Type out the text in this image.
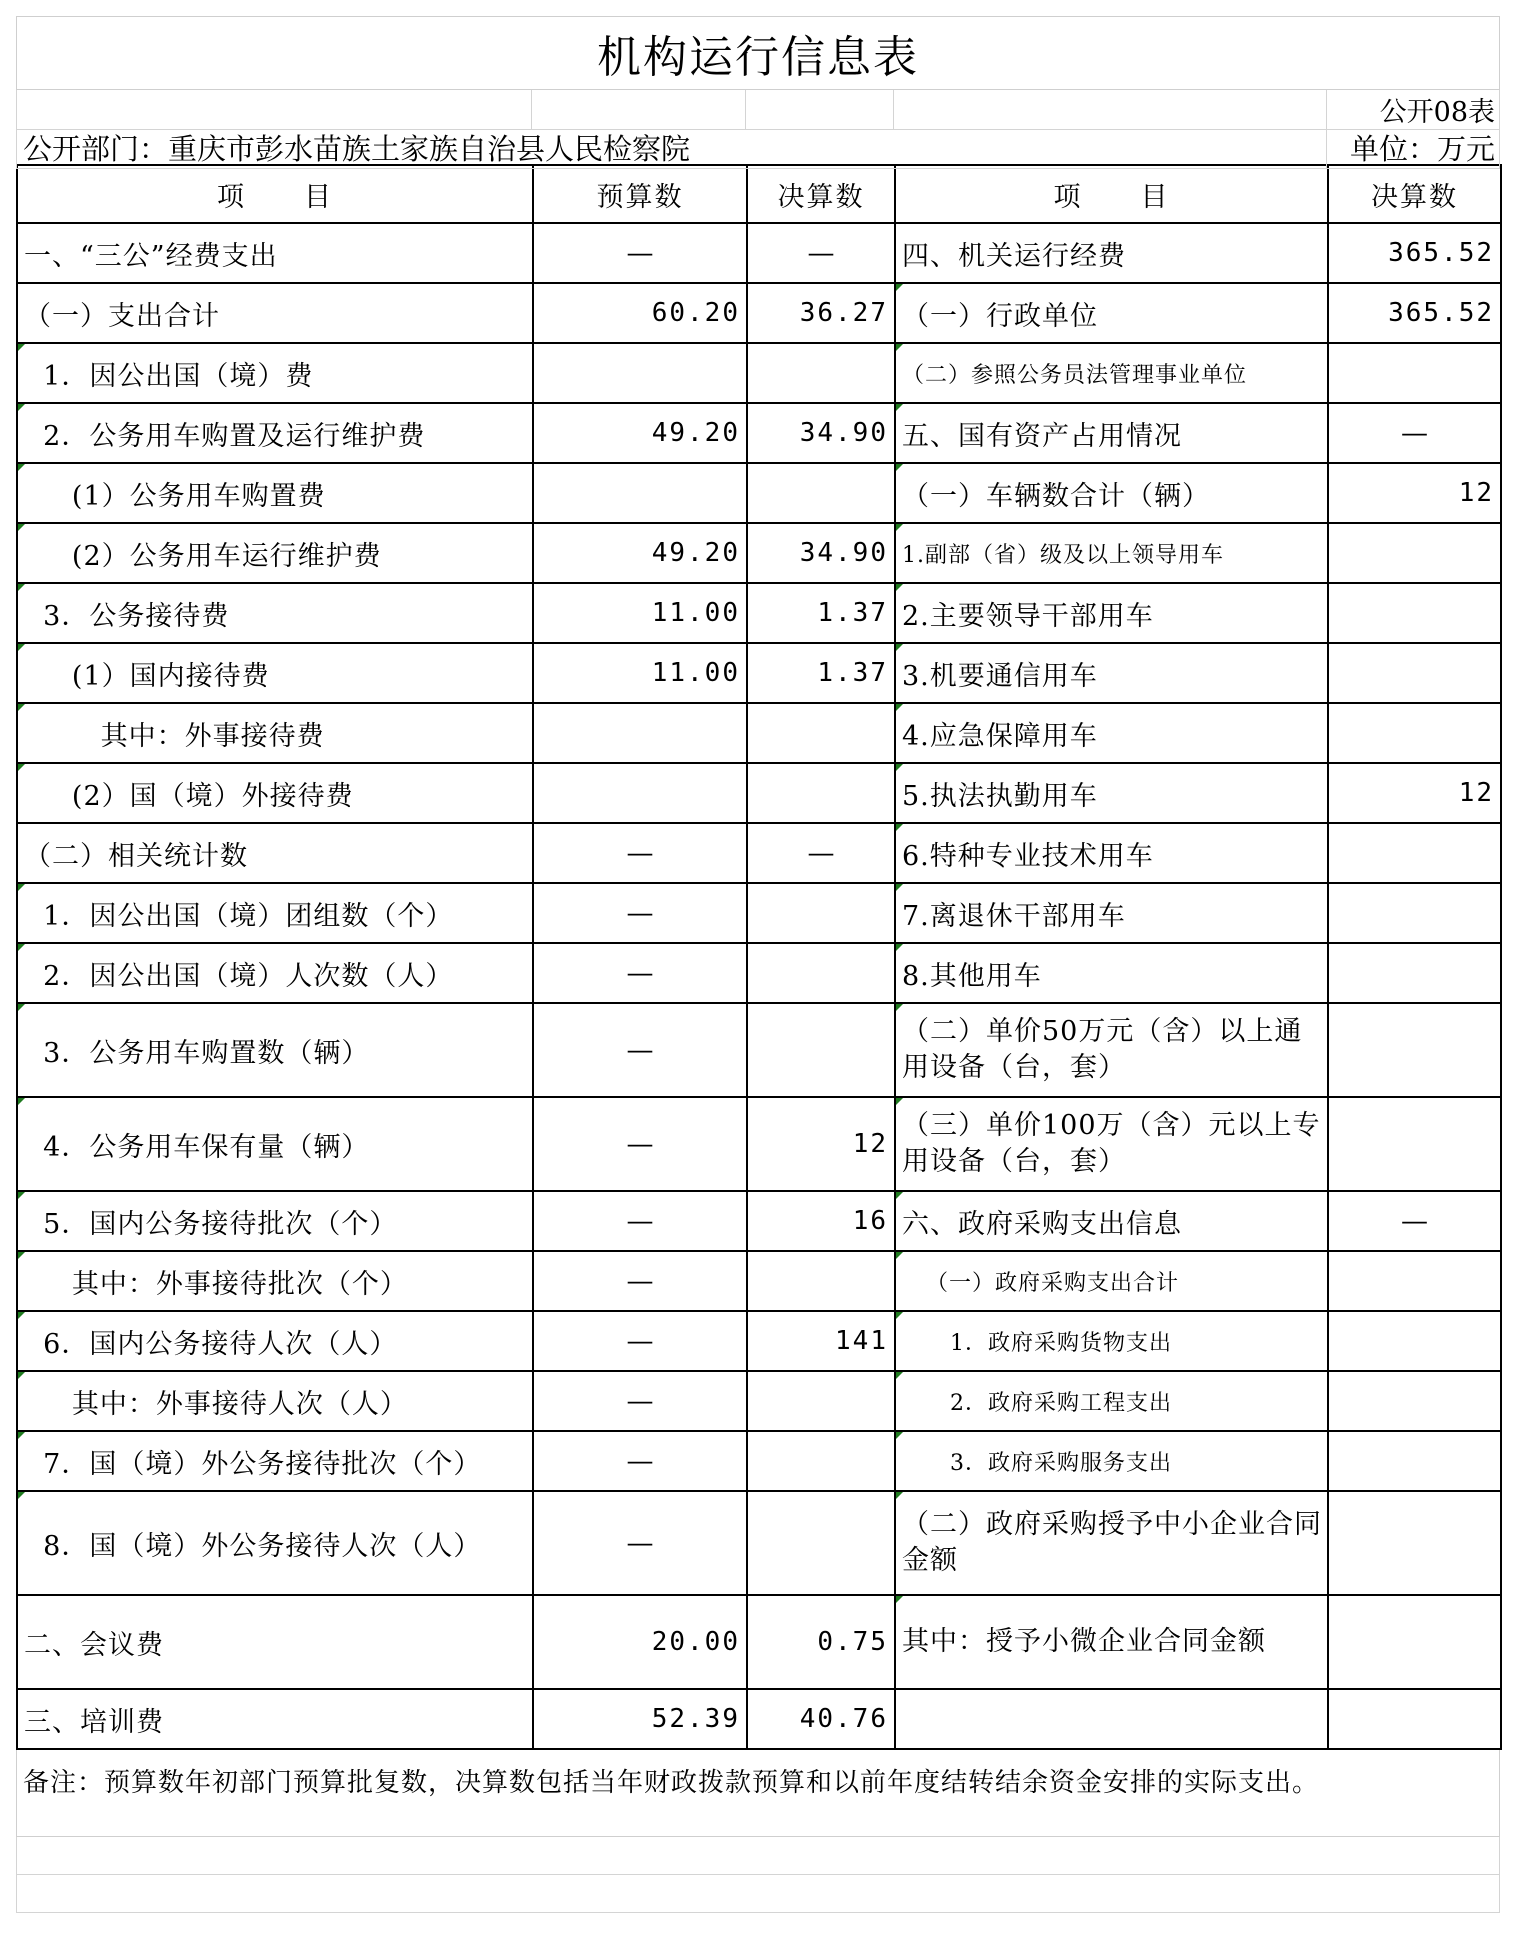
机构运行信息表
公开08表
公开部门：重庆市彭水苗族土家族自治县人民检察院	单位：万元
项　　目	预算数	决算数	项　　目	决算数
一、“三公”经费支出	—	—	四、机关运行经费	365.52
（一）支出合计	60.20	36.27	（一）行政单位	365.52

1．因公出国（境）费			（二）参照公务员法管理事业单位	

2．公务用车购置及运行维护费	49.20	34.90	五、国有资产占用情况	—

(1）公务用车购置费			（一）车辆数合计（辆）	12

(2）公务用车运行维护费	49.20	34.90	1.副部（省）级及以上领导用车	

3．公务接待费	11.00	1.37	2.主要领导干部用车	

(1）国内接待费	11.00	1.37	3.机要通信用车	

其中：外事接待费			4.应急保障用车	

(2）国（境）外接待费			5.执法执勤用车	12
（二）相关统计数	—	—	6.特种专业技术用车	

1．因公出国（境）团组数（个）	—		7.离退休干部用车	

2．因公出国（境）人次数（人）	—		8.其他用车	

3．公务用车购置数（辆）	—		（二）单价50万元（含）以上通用设备（台，套）	

4．公务用车保有量（辆）	—	12	（三）单价100万（含）元以上专用设备（台，套）	

5．国内公务接待批次（个）	—	16	六、政府采购支出信息	—

其中：外事接待批次（个）	—		（一）政府采购支出合计	

6．国内公务接待人次（人）	—	141	1．政府采购货物支出	

其中：外事接待人次（人）	—		2．政府采购工程支出	

7．国（境）外公务接待批次（个）	—		3．政府采购服务支出	

8．国（境）外公务接待人次（人）	—		（二）政府采购授予中小企业合同金额	
二、会议费	20.00	0.75	其中：授予小微企业合同金额	
三、培训费	52.39	40.76		
备注：预算数年初部门预算批复数，决算数包括当年财政拨款预算和以前年度结转结余资金安排的实际支出。
